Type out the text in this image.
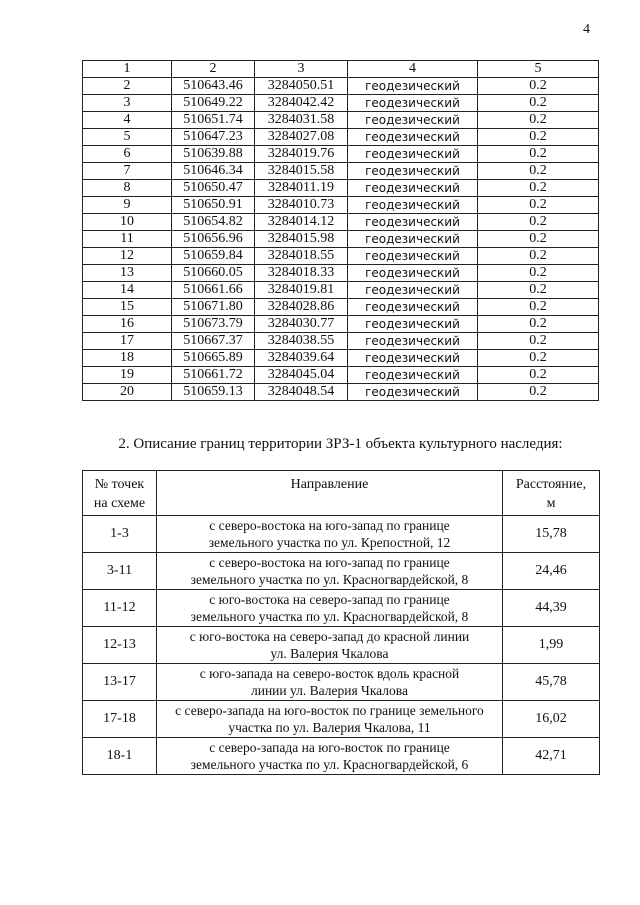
4
1	2	3	4	5
2	510643.46	3284050.51	геодезический	0.2
3	510649.22	3284042.42	геодезический	0.2
4	510651.74	3284031.58	геодезический	0.2
5	510647.23	3284027.08	геодезический	0.2
6	510639.88	3284019.76	геодезический	0.2
7	510646.34	3284015.58	геодезический	0.2
8	510650.47	3284011.19	геодезический	0.2
9	510650.91	3284010.73	геодезический	0.2
10	510654.82	3284014.12	геодезический	0.2
11	510656.96	3284015.98	геодезический	0.2
12	510659.84	3284018.55	геодезический	0.2
13	510660.05	3284018.33	геодезический	0.2
14	510661.66	3284019.81	геодезический	0.2
15	510671.80	3284028.86	геодезический	0.2
16	510673.79	3284030.77	геодезический	0.2
17	510667.37	3284038.55	геодезический	0.2
18	510665.89	3284039.64	геодезический	0.2
19	510661.72	3284045.04	геодезический	0.2
20	510659.13	3284048.54	геодезический	0.2
2. Описание границ территории ЗРЗ-1 объекта культурного наследия:
№ точек
на схеме	Направление	Расстояние,
м
1-3	с северо-востока на юго-запад по границе
земельного участка по ул. Крепостной, 12	15,78
3-11	с северо-востока на юго-запад по границе
земельного участка по ул. Красногвардейской, 8	24,46
11-12	с юго-востока на северо-запад по границе
земельного участка по ул. Красногвардейской, 8	44,39
12-13	с юго-востока на северо-запад до красной линии
ул. Валерия Чкалова	1,99
13-17	с юго-запада на северо-восток вдоль красной
линии ул. Валерия Чкалова	45,78
17-18	с северо-запада на юго-восток по границе земельного
участка по ул. Валерия Чкалова, 11	16,02
18-1	с северо-запада на юго-восток по границе
земельного участка по ул. Красногвардейской, 6	42,71
